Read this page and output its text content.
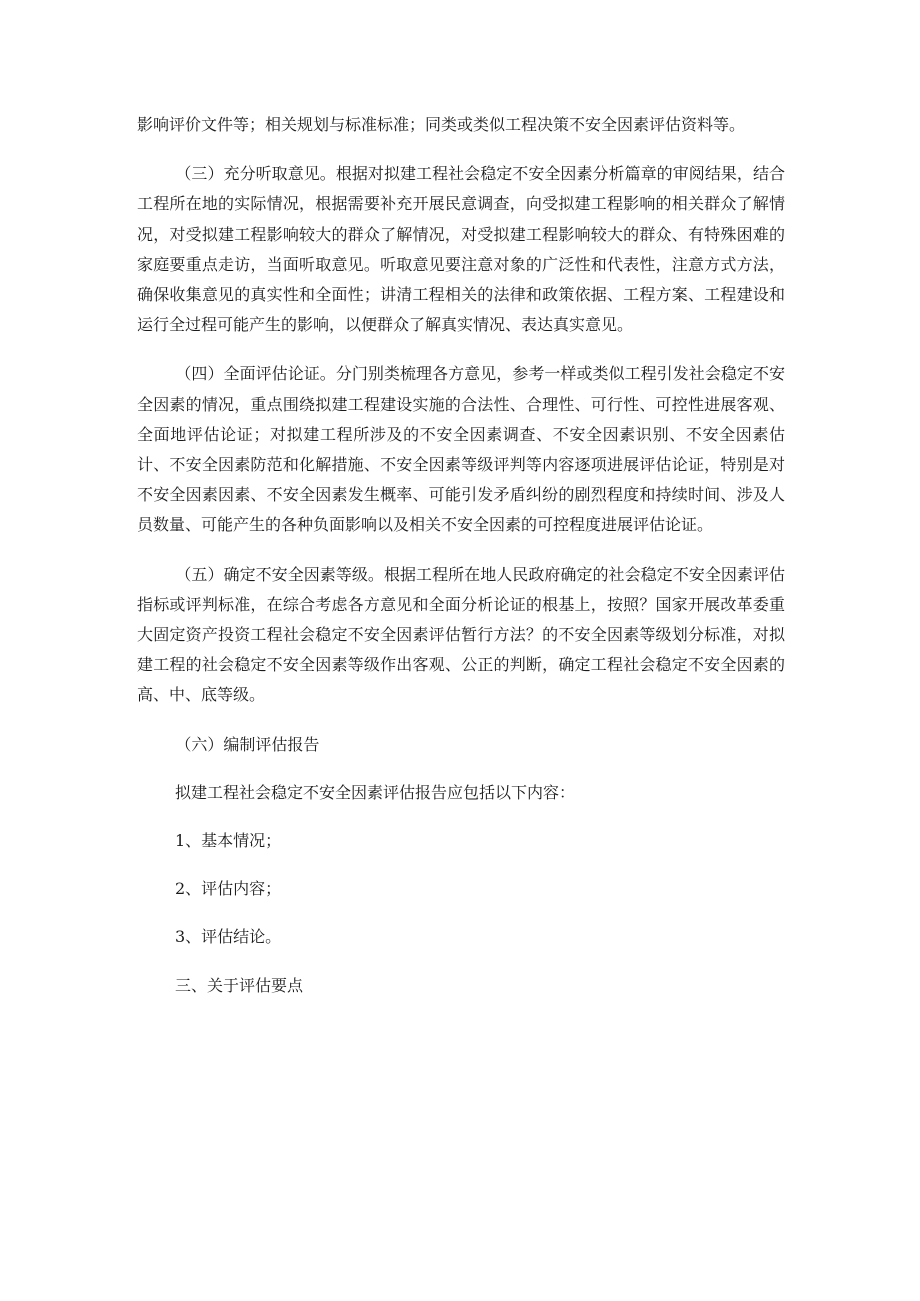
影响评价文件等；相关规划与标准标准；同类或类似工程决策不安全因素评估资料等。

（三）充分听取意见。根据对拟建工程社会稳定不安全因素分析篇章的审阅结果，结合工程所在地的实际情况，根据需要补充开展民意调查，向受拟建工程影响的相关群众了解情况，对受拟建工程影响较大的群众了解情况，对受拟建工程影响较大的群众、有特殊困难的家庭要重点走访，当面听取意见。听取意见要注意对象的广泛性和代表性，注意方式方法，确保收集意见的真实性和全面性；讲清工程相关的法律和政策依据、工程方案、工程建设和运行全过程可能产生的影响，以便群众了解真实情况、表达真实意见。

（四）全面评估论证。分门别类梳理各方意见，参考一样或类似工程引发社会稳定不安全因素的情况，重点围绕拟建工程建设实施的合法性、合理性、可行性、可控性进展客观、全面地评估论证；对拟建工程所涉及的不安全因素调查、不安全因素识别、不安全因素估计、不安全因素防范和化解措施、不安全因素等级评判等内容逐项进展评估论证，特别是对不安全因素因素、不安全因素发生概率、可能引发矛盾纠纷的剧烈程度和持续时间、涉及人员数量、可能产生的各种负面影响以及相关不安全因素的可控程度进展评估论证。

（五）确定不安全因素等级。根据工程所在地人民政府确定的社会稳定不安全因素评估指标或评判标准，在综合考虑各方意见和全面分析论证的根基上，按照？国家开展改革委重大固定资产投资工程社会稳定不安全因素评估暂行方法？的不安全因素等级划分标准，对拟建工程的社会稳定不安全因素等级作出客观、公正的判断，确定工程社会稳定不安全因素的高、中、底等级。

（六）编制评估报告

拟建工程社会稳定不安全因素评估报告应包括以下内容：

1、基本情况；

2、评估内容；

3、评估结论。

三、关于评估要点
